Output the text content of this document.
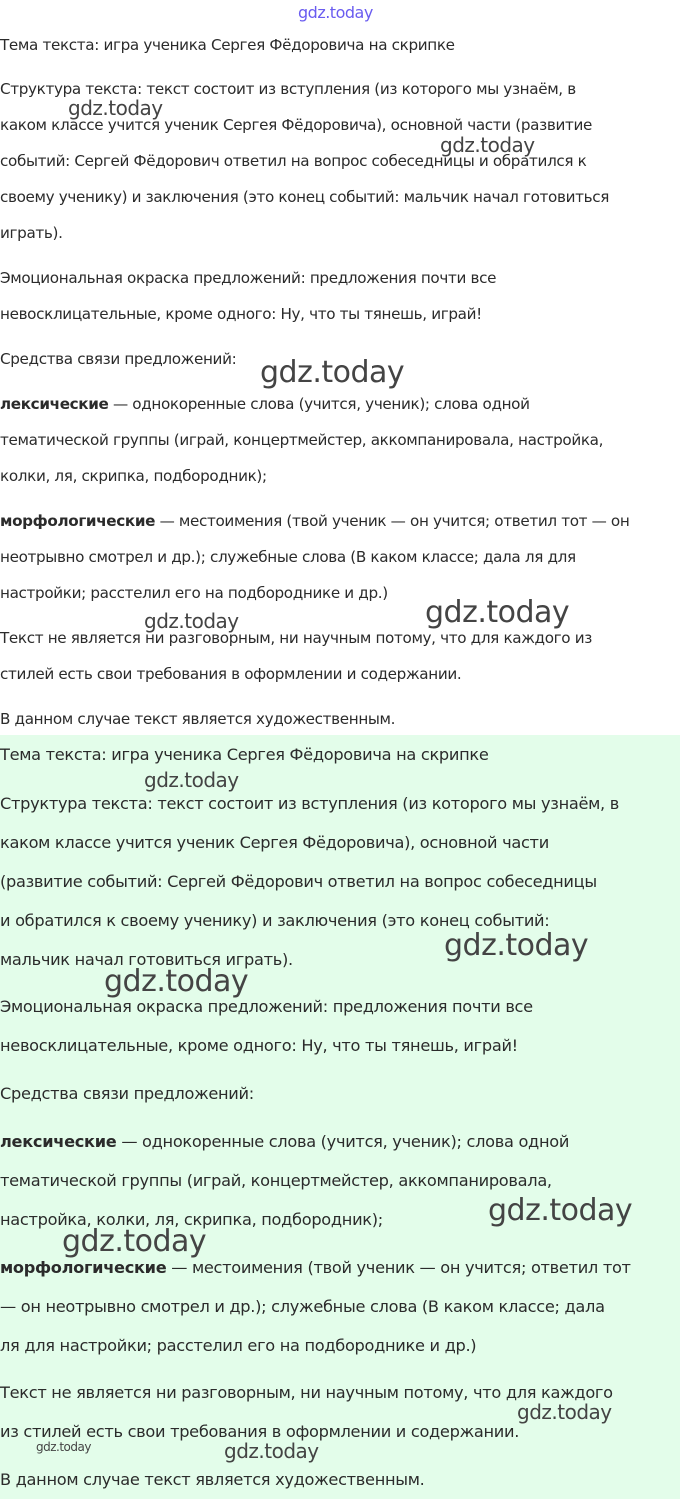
Тема текста: игра ученика Сергея Фёдоровича на скрипке
Структура текста: текст состоит из вступления (из которого мы узнаём, в
каком классе учится ученик Сергея Фёдоровича), основной части (развитие
событий: Сергей Фёдорович ответил на вопрос собеседницы и обратился к
своему ученику) и заключения (это конец событий: мальчик начал готовиться
играть).
Эмоциональная окраска предложений: предложения почти все
невосклицательные, кроме одного: Ну, что ты тянешь, играй!
Средства связи предложений:
лексические — однокоренные слова (учится, ученик); слова одной
тематической группы (играй, концертмейстер, аккомпанировала, настройка,
колки, ля, скрипка, подбородник);
морфологические — местоимения (твой ученик — он учится; ответил тот — он
неотрывно смотрел и др.); служебные слова (В каком классе; дала ля для
настройки; расстелил его на подбороднике и др.)
Текст не является ни разговорным, ни научным потому, что для каждого из
стилей есть свои требования в оформлении и содержании.
В данном случае текст является художественным.
Тема текста: игра ученика Сергея Фёдоровича на скрипке
Структура текста: текст состоит из вступления (из которого мы узнаём, в
каком классе учится ученик Сергея Фёдоровича), основной части
(развитие событий: Сергей Фёдорович ответил на вопрос собеседницы
и обратился к своему ученику) и заключения (это конец событий:
мальчик начал готовиться играть).
Эмоциональная окраска предложений: предложения почти все
невосклицательные, кроме одного: Ну, что ты тянешь, играй!
Средства связи предложений:
лексические — однокоренные слова (учится, ученик); слова одной
тематической группы (играй, концертмейстер, аккомпанировала,
настройка, колки, ля, скрипка, подбородник);
морфологические — местоимения (твой ученик — он учится; ответил тот
— он неотрывно смотрел и др.); служебные слова (В каком классе; дала
ля для настройки; расстелил его на подбороднике и др.)
Текст не является ни разговорным, ни научным потому, что для каждого
из стилей есть свои требования в оформлении и содержании.
В данном случае текст является художественным.
gdz.today
gdz.today
gdz.today
gdz.today
gdz.today	gdz.today
gdz.today
gdz.today
gdz.today
gdz.today
gdz.today
gdz.today
gdz.today	gdz.today
